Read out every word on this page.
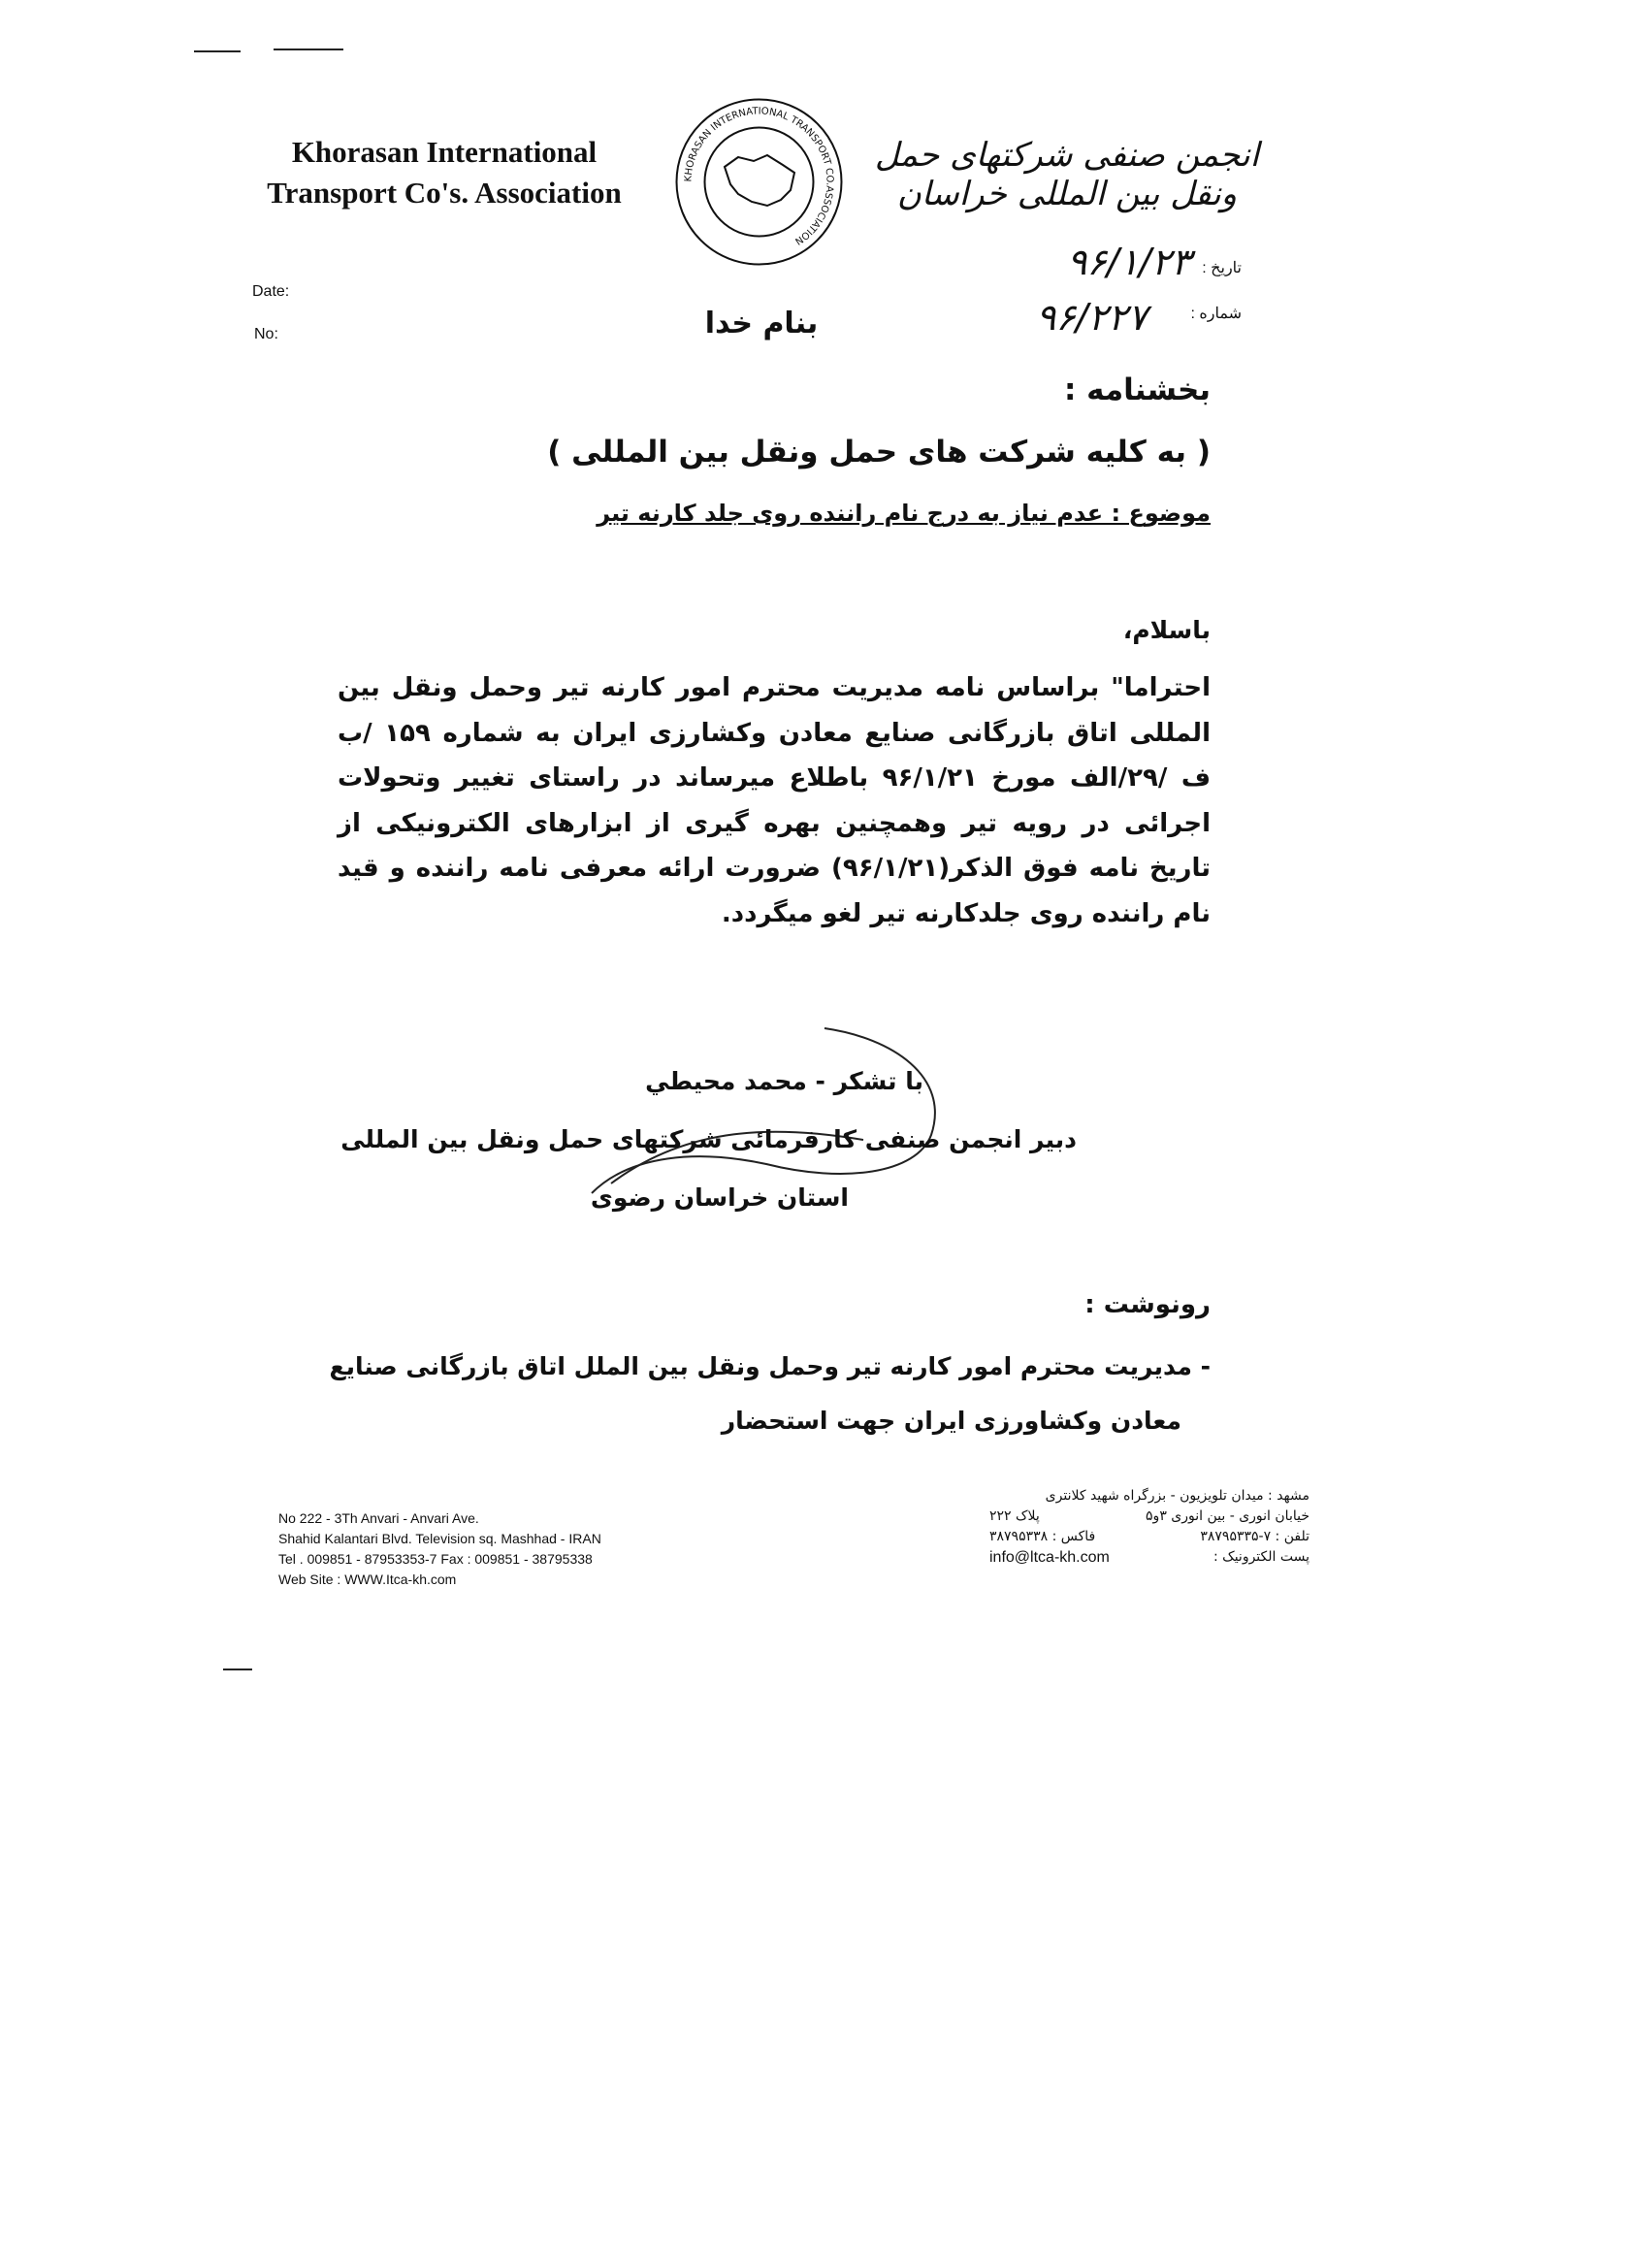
Khorasan International
Transport Co's. Association	KHORASAN INTERNATIONAL TRANSPORT CO.ASSOCIATION
انجمن صنفی شرکتهای حمل ونقل بین المللی خراسان
Date:
No:
تاریخ :
شماره :
۹۶/۱/۲۳
۹۶/۲۲۷
بنام خدا
بخشنامه :
( به کلیه شرکت های حمل ونقل بین المللی )
موضوع : عدم نیاز به درج نام راننده روی جلد کارنه تیر
باسلام،
احتراما" براساس نامه مدیریت محترم امور کارنه تیر وحمل ونقل بین المللی اتاق بازرگانی صنایع معادن وکشارزی ایران به شماره ۱۵۹ /ب ف /۲۹/الف مورخ ۹۶/۱/۲۱ باطلاع میرساند در راستای تغییر وتحولات اجرائی در رویه تیر وهمچنین بهره گیری از ابزارهای الکترونیکی از تاریخ نامه فوق الذکر(۹۶/۱/۲۱) ضرورت ارائه معرفی نامه راننده و قید نام راننده روی جلدکارنه تیر لغو میگردد.
با تشکر - محمد محیطي
دبیر انجمن صنفی کارفرمائی شرکتهای حمل ونقل بین المللی
استان خراسان رضوی
رونوشت :
- مدیریت محترم امور کارنه تیر وحمل ونقل بین الملل اتاق بازرگانی صنایع
معادن وکشاورزی ایران جهت استحضار
No 222 - 3Th Anvari - Anvari Ave.
Shahid Kalantari Blvd. Television sq. Mashhad - IRAN
Tel . 009851 - 87953353-7 Fax : 009851 - 38795338
Web Site : WWW.Itca-kh.com
مشهد : میدان تلویزیون - بزرگراه شهید کلانتری
خیابان انوری - بین انوری ۳و۵
پلاک ۲۲۲
تلفن : ۷-۳۸۷۹۵۳۳۵
فاکس : ۳۸۷۹۵۳۳۸
پست الکترونیک :
info@ltca-kh.com
